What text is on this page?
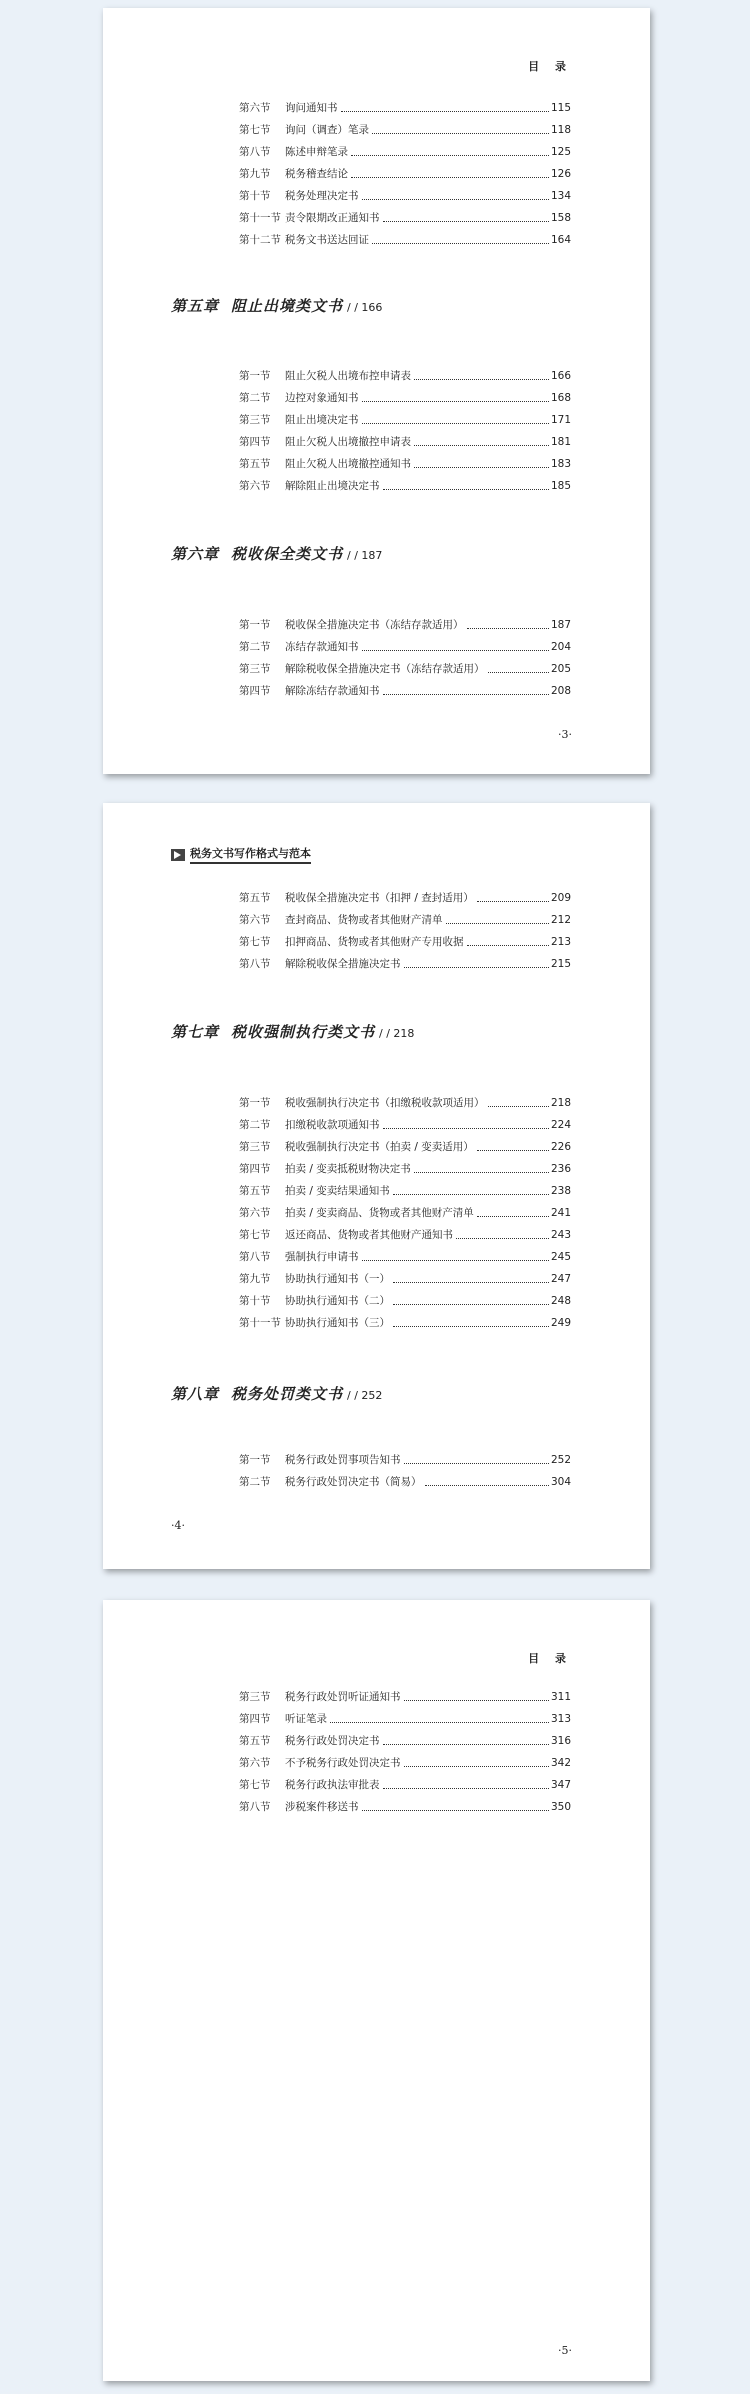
目 录
第六节	询问通知书	115
第七节	询问（调查）笔录	118
第八节	陈述申辩笔录	125
第九节	税务稽查结论	126
第十节	税务处理决定书	134
第十一节 责令限期改正通知书	158
第十二节 税务文书送达回证	164
第五章 阻止出境类文书 / / 166
第一节	阻止欠税人出境布控申请表	166
第二节	边控对象通知书	168
第三节	阻止出境决定书	171
第四节	阻止欠税人出境撤控申请表	181
第五节	阻止欠税人出境撤控通知书	183
第六节	解除阻止出境决定书	185
第六章 税收保全类文书 / / 187
第一节	税收保全措施决定书（冻结存款适用）	187
第二节	冻结存款通知书	204
第三节	解除税收保全措施决定书（冻结存款适用）	205
第四节	解除冻结存款通知书	208
·3·
税务文书写作格式与范本
第五节	税收保全措施决定书（扣押 / 查封适用）	209
第六节	查封商品、货物或者其他财产清单	212
第七节	扣押商品、货物或者其他财产专用收据	213
第八节	解除税收保全措施决定书	215
第七章 税收强制执行类文书 / / 218
第一节	税收强制执行决定书（扣缴税收款项适用）	218
第二节	扣缴税收款项通知书	224
第三节	税收强制执行决定书（拍卖 / 变卖适用）	226
第四节	拍卖 / 变卖抵税财物决定书	236
第五节	拍卖 / 变卖结果通知书	238
第六节	拍卖 / 变卖商品、货物或者其他财产清单	241
第七节	返还商品、货物或者其他财产通知书	243
第八节	强制执行申请书	245
第九节	协助执行通知书（一）	247
第十节	协助执行通知书（二）	248
第十一节 协助执行通知书（三）	249
第八章 税务处罚类文书 / / 252
第一节	税务行政处罚事项告知书	252
第二节	税务行政处罚决定书（简易）	304
·4·
目 录
第三节	税务行政处罚听证通知书	311
第四节	听证笔录	313
第五节	税务行政处罚决定书	316
第六节	不予税务行政处罚决定书	342
第七节	税务行政执法审批表	347
第八节	涉税案件移送书	350
·5·
